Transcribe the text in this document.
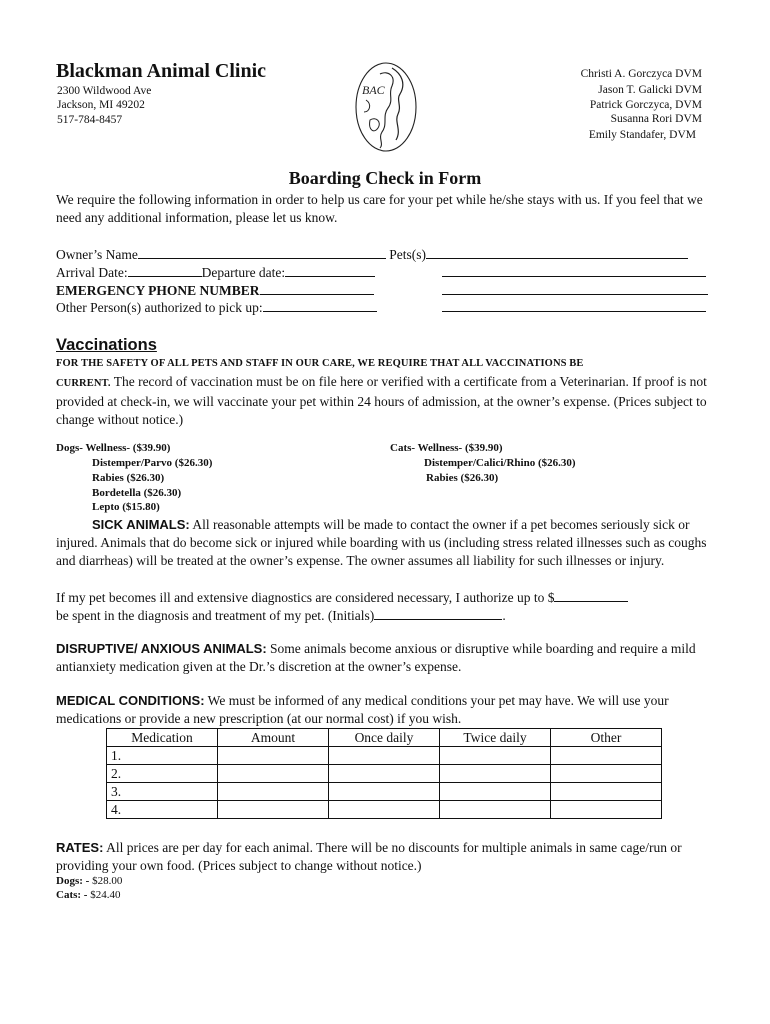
Blackman Animal Clinic
2300 Wildwood Ave
Jackson, MI 49202
517-784-8457
BAC
Christi A. Gorczyca DVM
Jason T. Galicki DVM
Patrick Gorczyca, DVM
Susanna Rori DVM
Emily Standafer, DVM
Boarding Check in Form
We require the following information in order to help us care for your pet while he/she stays with us. If you feel that we need any additional information, please let us know.
Owner’s Name	Pets(s)
Arrival Date:	Departure date:
EMERGENCY PHONE NUMBER
Other Person(s) authorized to pick up:
Vaccinations
FOR THE SAFETY OF ALL PETS AND STAFF IN OUR CARE, WE REQUIRE THAT ALL VACCINATIONS BE
CURRENT. The record of vaccination must be on file here or verified with a certificate from a Veterinarian. If proof is not provided at check-in, we will vaccinate your pet within 24 hours of admission, at the owner’s expense. (Prices subject to change without notice.)
Dogs- Wellness- ($39.90)
Distemper/Parvo ($26.30)
Rabies ($26.30)
Bordetella ($26.30)
Lepto ($15.80)
Cats- Wellness- ($39.90)
Distemper/Calici/Rhino ($26.30)
Rabies ($26.30)
SICK ANIMALS: All reasonable attempts will be made to contact the owner if a pet becomes seriously sick or injured. Animals that do become sick or injured while boarding with us (including stress related illnesses such as coughs and diarrheas) will be treated at the owner’s expense. The owner assumes all liability for such illnesses or injury.
If my pet becomes ill and extensive diagnostics are considered necessary, I authorize up to $
be spent in the diagnosis and treatment of my pet. (Initials)	.
DISRUPTIVE/ ANXIOUS ANIMALS: Some animals become anxious or disruptive while boarding and require a mild antianxiety medication given at the Dr.’s discretion at the owner’s expense.
MEDICAL CONDITIONS: We must be informed of any medical conditions your pet may have. We will use your medications or provide a new prescription (at our normal cost) if you wish.
Medication	Amount	Once daily	Twice daily	Other
1.				
2.				
3.				
4.				
RATES: All prices are per day for each animal. There will be no discounts for multiple animals in same cage/run or providing your own food. (Prices subject to change without notice.)
Dogs: - $28.00
Cats: - $24.40
